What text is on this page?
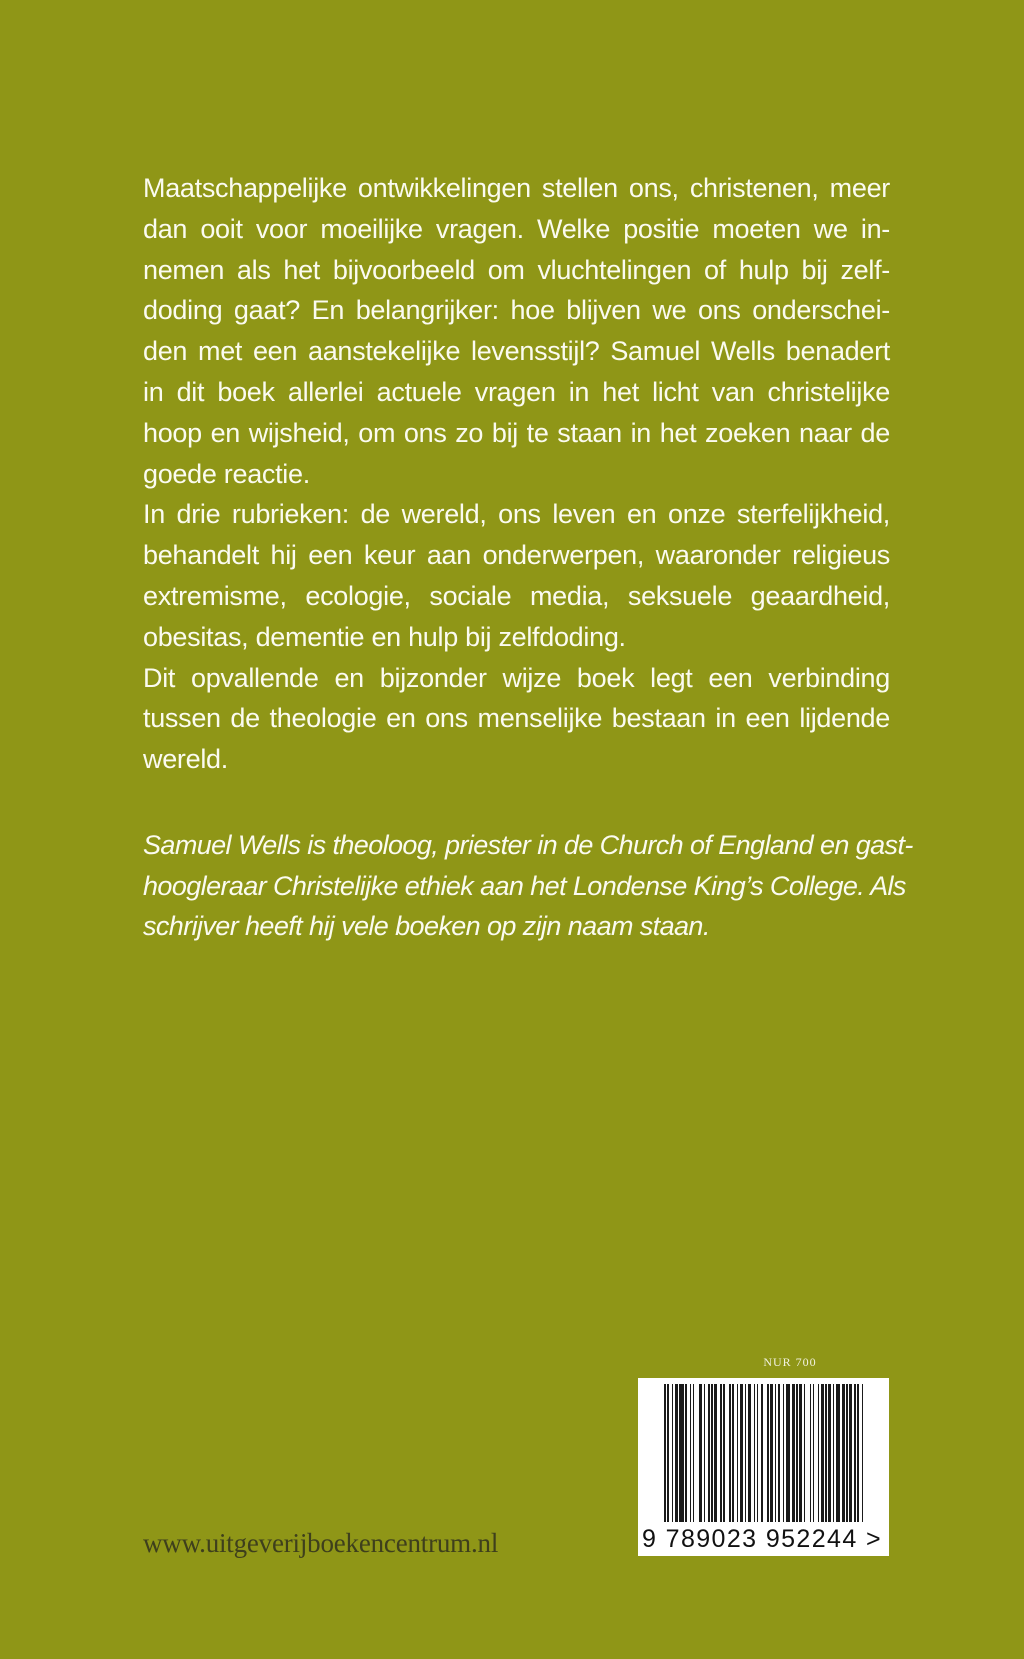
Maatschappelijke ontwikkelingen stellen ons, christenen, meer
dan ooit voor moeilijke vragen. Welke positie moeten we in-
nemen als het bijvoorbeeld om vluchtelingen of hulp bij zelf-
doding gaat? En belangrijker: hoe blijven we ons onderschei-
den met een aanstekelijke levensstijl? Samuel Wells benadert
in dit boek allerlei actuele vragen in het licht van christelijke
hoop en wijsheid, om ons zo bij te staan in het zoeken naar de
goede reactie.
In drie rubrieken: de wereld, ons leven en onze sterfelijkheid,
behandelt hij een keur aan onderwerpen, waaronder religieus
extremisme, ecologie, sociale media, seksuele geaardheid,
obesitas, dementie en hulp bij zelfdoding.
Dit opvallende en bijzonder wijze boek legt een verbinding
tussen de theologie en ons menselijke bestaan in een lijdende
wereld.
Samuel Wells is theoloog, priester in de Church of England en gast-
hoogleraar Christelijke ethiek aan het Londense King’s College. Als
schrijver heeft hij vele boeken op zijn naam staan.
NUR 700
9 789023 952244 >
www.uitgeverijboekencentrum.nl
